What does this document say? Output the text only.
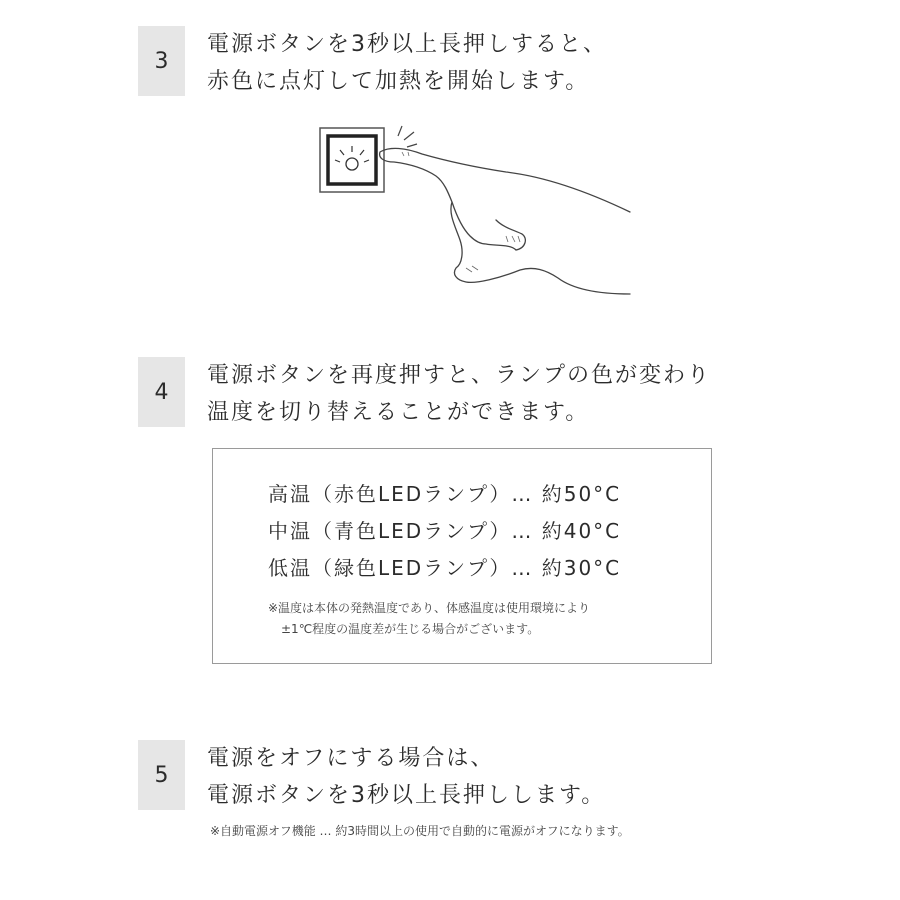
3
電源ボタンを3秒以上長押しすると、
赤色に点灯して加熱を開始します。
4
電源ボタンを再度押すと、ランプの色が変わり
温度を切り替えることができます。
高温（赤色LEDランプ）… 約50°C
中温（青色LEDランプ）… 約40°C
低温（緑色LEDランプ）… 約30°C
※温度は本体の発熱温度であり、体感温度は使用環境により
±1℃程度の温度差が生じる場合がございます。
5
電源をオフにする場合は、
電源ボタンを3秒以上長押しします。
※自動電源オフ機能 … 約3時間以上の使用で自動的に電源がオフになります。
